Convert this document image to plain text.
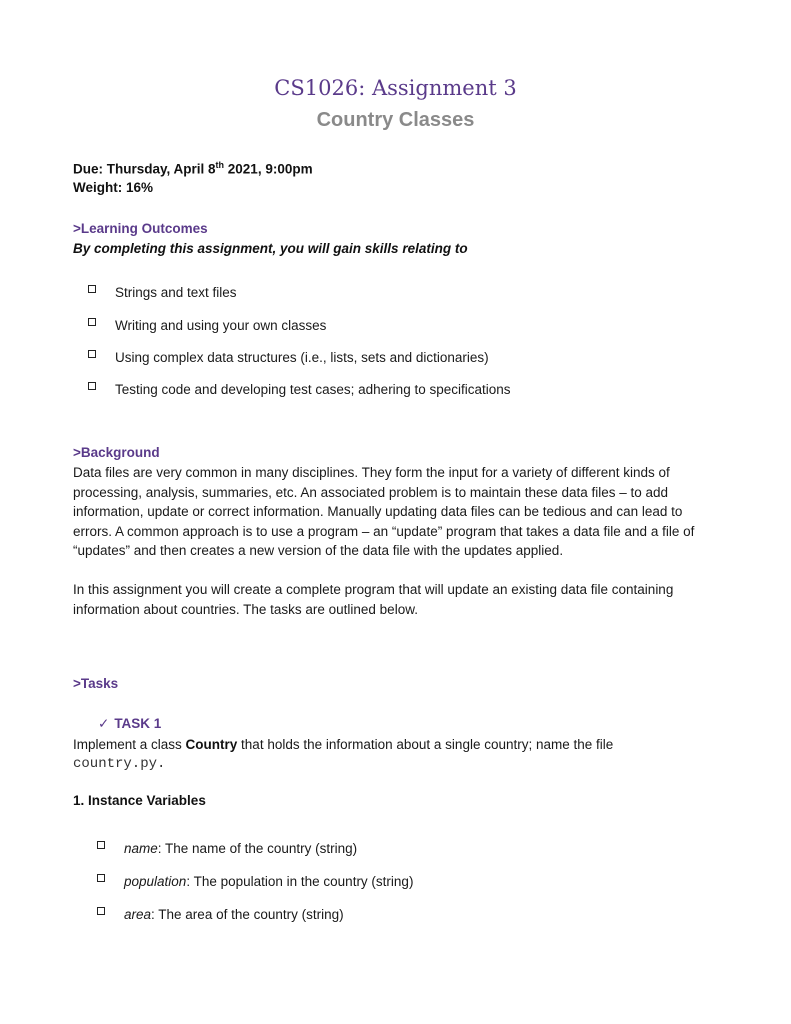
CS1026: Assignment 3
Country Classes
Due: Thursday, April 8th 2021, 9:00pm
Weight: 16%
>Learning Outcomes
By completing this assignment, you will gain skills relating to
Strings and text files
Writing and using your own classes
Using complex data structures (i.e., lists, sets and dictionaries)
Testing code and developing test cases; adhering to specifications
>Background
Data files are very common in many disciplines. They form the input for a variety of different kinds of processing, analysis, summaries, etc. An associated problem is to maintain these data files – to add information, update or correct information. Manually updating data files can be tedious and can lead to errors. A common approach is to use a program – an “update” program that takes a data file and a file of “updates” and then creates a new version of the data file with the updates applied.
In this assignment you will create a complete program that will update an existing data file containing information about countries. The tasks are outlined below.
>Tasks
✓ TASK 1
Implement a class Country that holds the information about a single country; name the file
country.py.
1. Instance Variables
name: The name of the country (string)
population: The population in the country (string)
area: The area of the country (string)
